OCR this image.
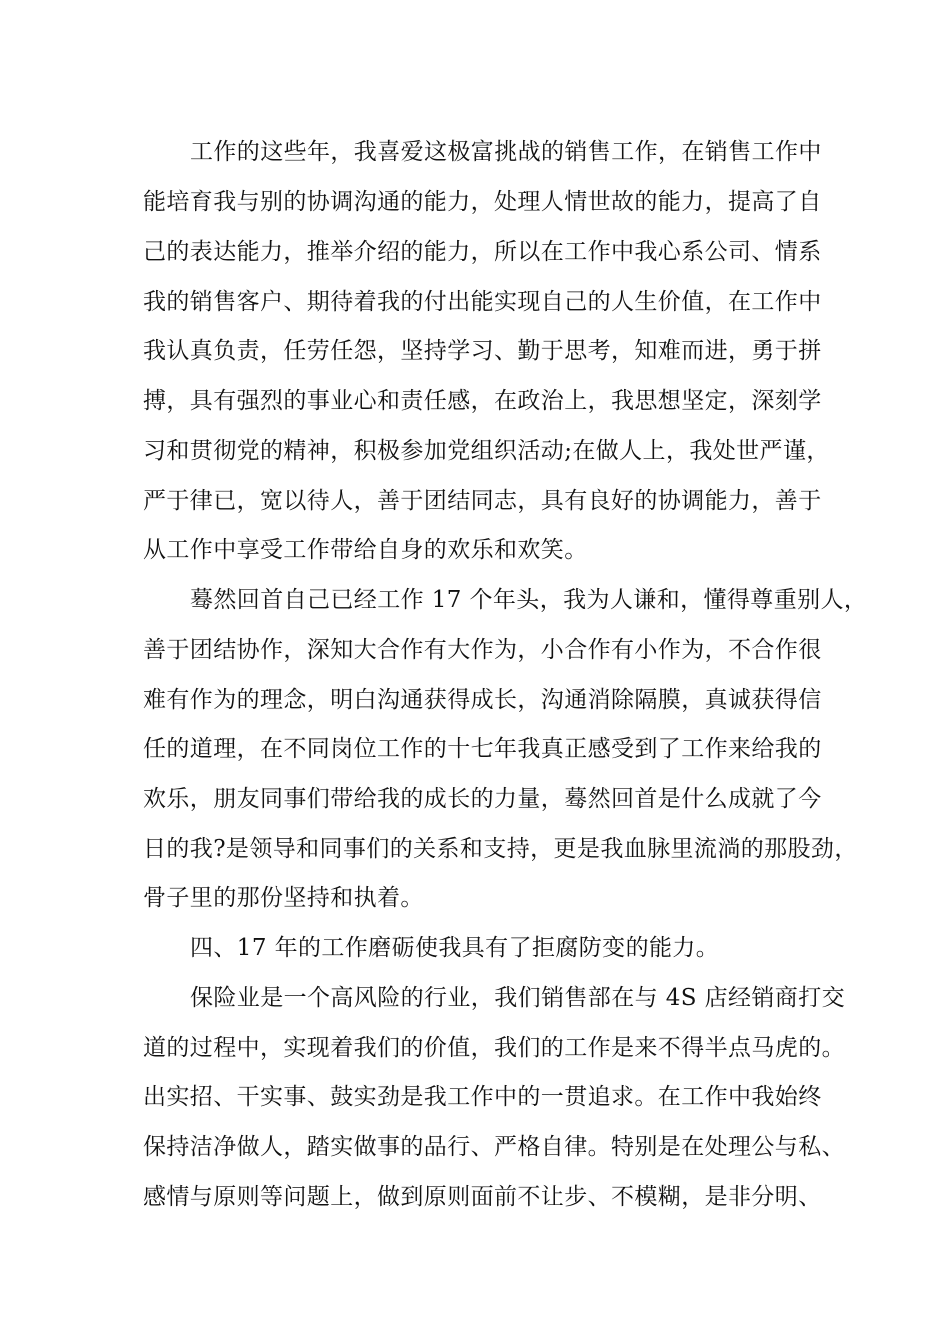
工作的这些年，我喜爱这极富挑战的销售工作，在销售工作中
能培育我与别的协调沟通的能力，处理人情世故的能力，提高了自
己的表达能力，推举介绍的能力，所以在工作中我心系公司、情系
我的销售客户、期待着我的付出能实现自己的人生价值，在工作中
我认真负责，任劳任怨，坚持学习、勤于思考，知难而进，勇于拼
搏，具有强烈的事业心和责任感，在政治上，我思想坚定，深刻学
习和贯彻党的精神，积极参加党组织活动;在做人上，我处世严谨，
严于律已，宽以待人，善于团结同志，具有良好的协调能力，善于
从工作中享受工作带给自身的欢乐和欢笑。
蓦然回首自己已经工作 17 个年头，我为人谦和，懂得尊重别人，
善于团结协作，深知大合作有大作为，小合作有小作为，不合作很
难有作为的理念，明白沟通获得成长，沟通消除隔膜，真诚获得信
任的道理，在不同岗位工作的十七年我真正感受到了工作来给我的
欢乐，朋友同事们带给我的成长的力量，蓦然回首是什么成就了今
日的我?是领导和同事们的关系和支持，更是我血脉里流淌的那股劲，
骨子里的那份坚持和执着。
四、17 年的工作磨砺使我具有了拒腐防变的能力。
保险业是一个高风险的行业，我们销售部在与 4S 店经销商打交
道的过程中，实现着我们的价值，我们的工作是来不得半点马虎的。
出实招、干实事、鼓实劲是我工作中的一贯追求。在工作中我始终
保持洁净做人，踏实做事的品行、严格自律。特别是在处理公与私、
感情与原则等问题上，做到原则面前不让步、不模糊，是非分明、
